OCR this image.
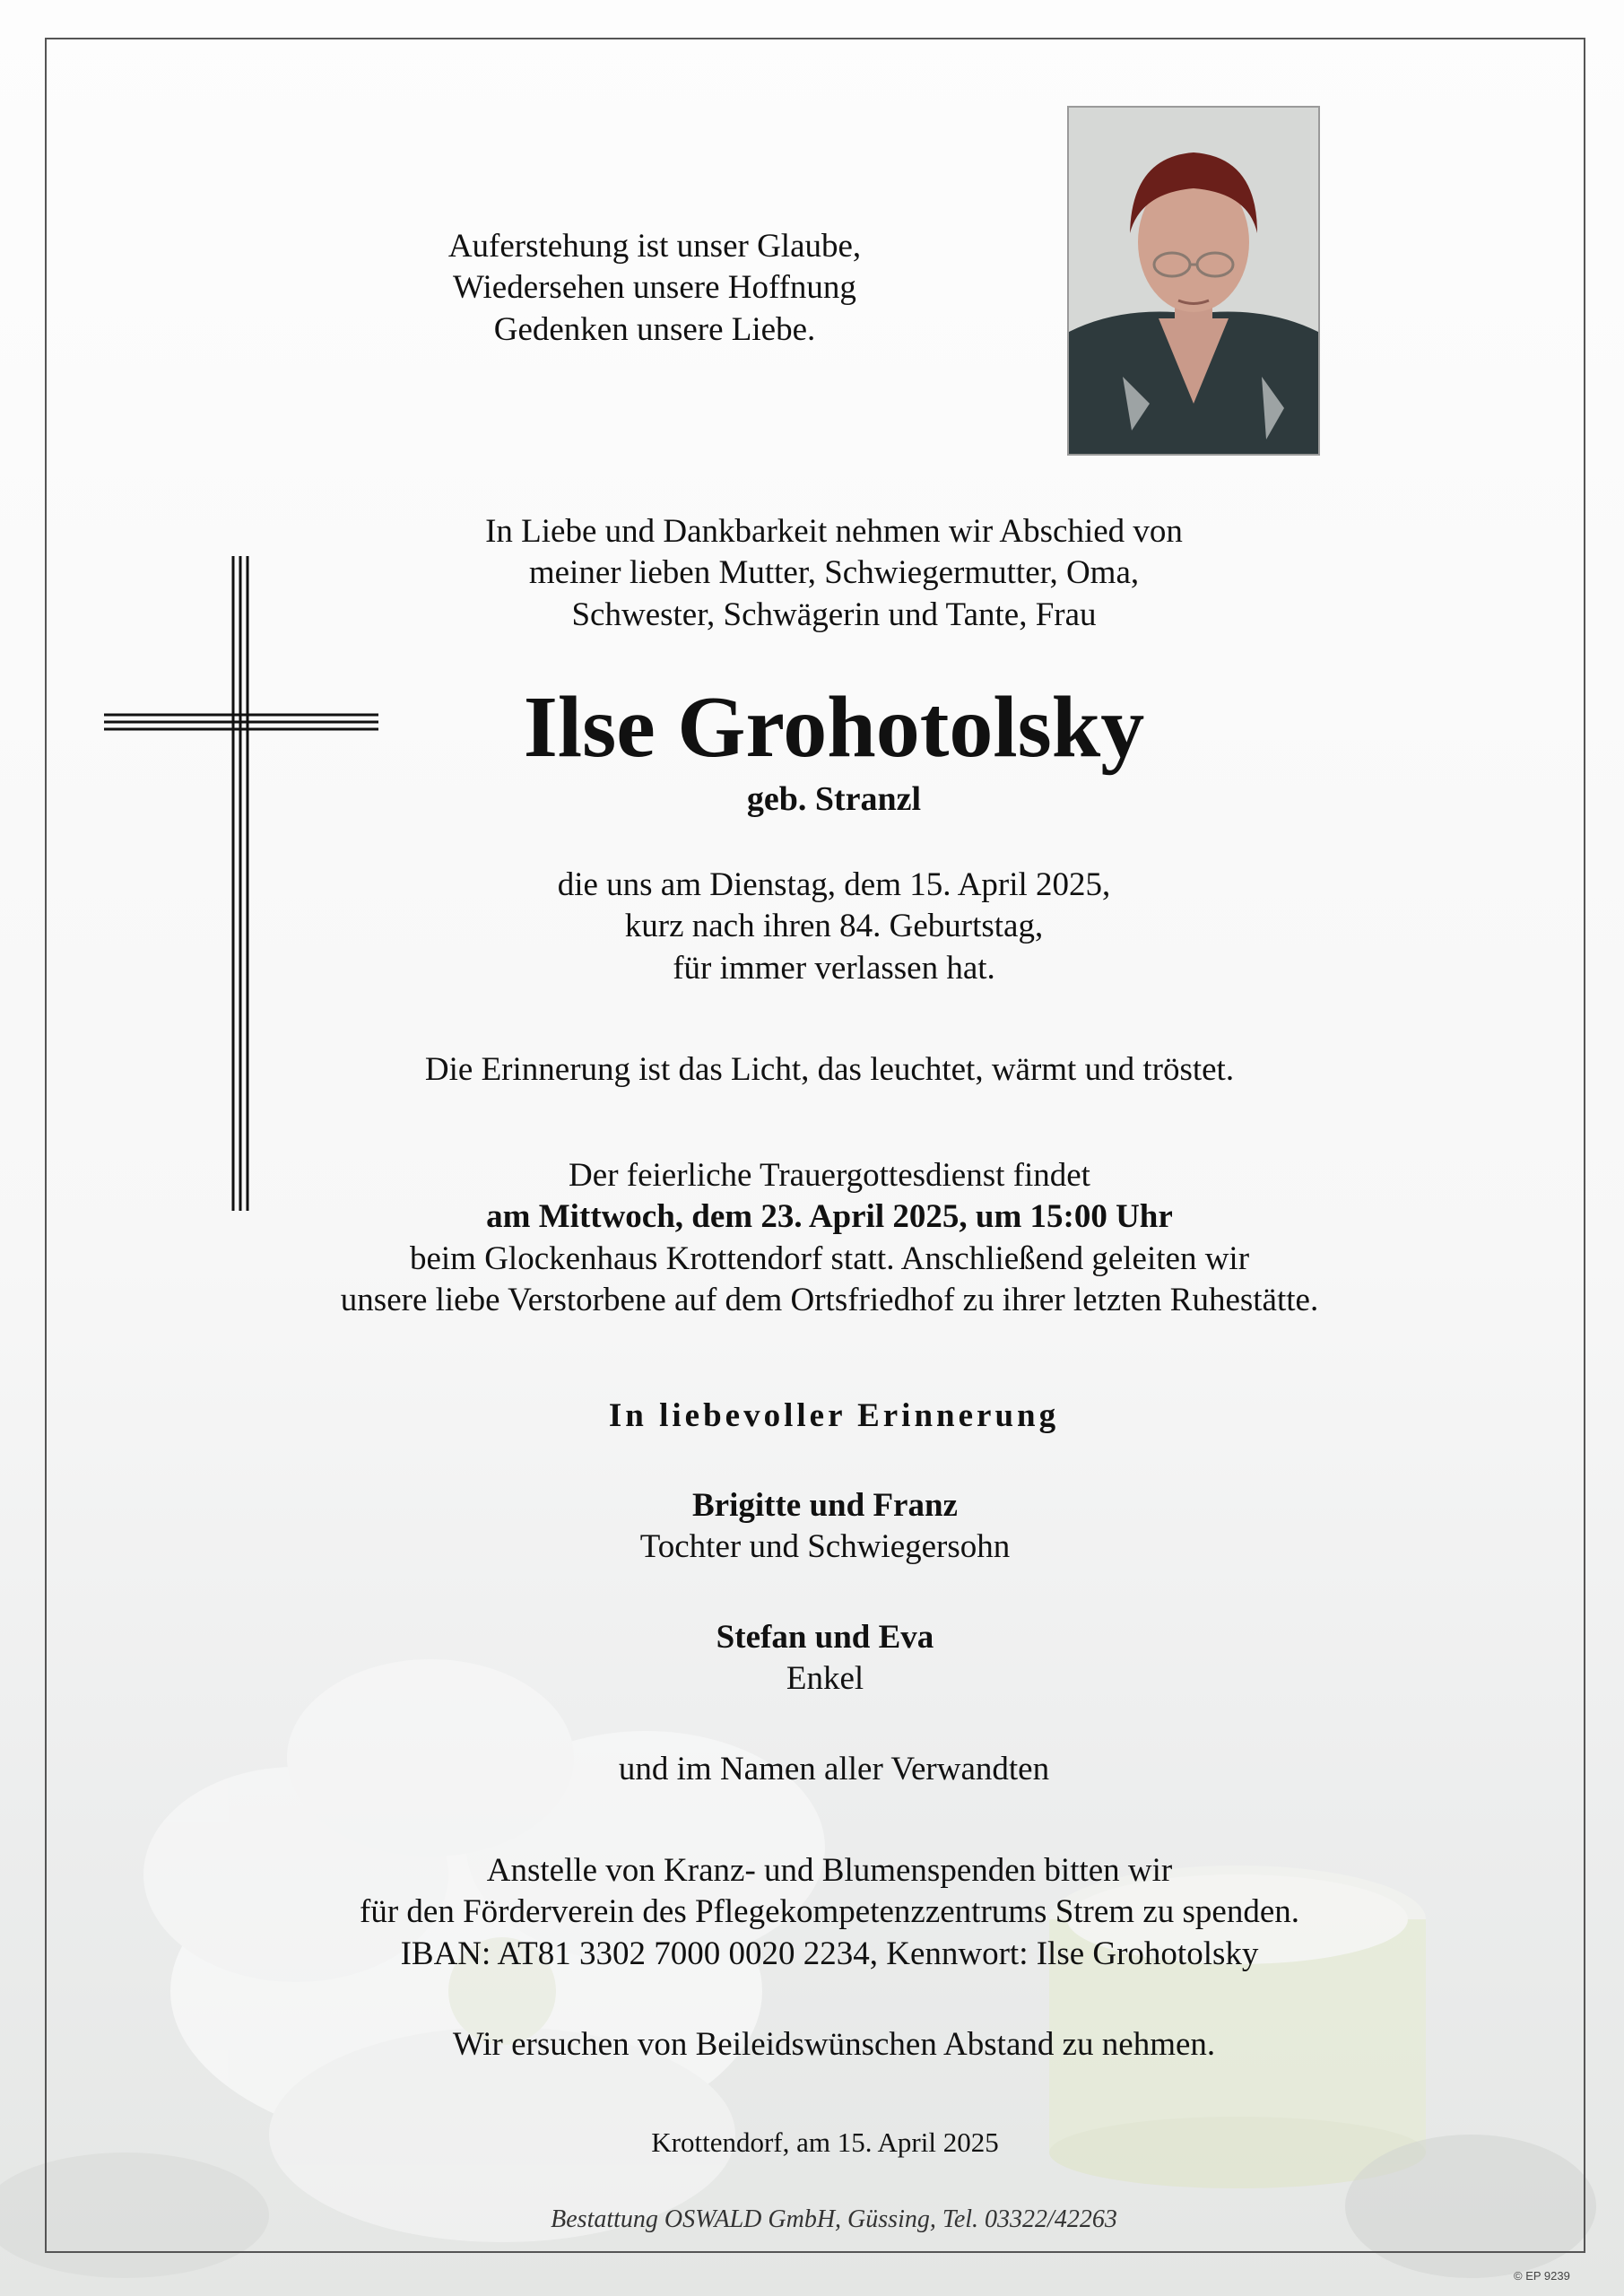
Auferstehung ist unser Glaube,
Wiedersehen unsere Hoffnung
Gedenken unsere Liebe.
In Liebe und Dankbarkeit nehmen wir Abschied von
meiner lieben Mutter, Schwiegermutter, Oma,
Schwester, Schwägerin und Tante, Frau
Ilse Grohotolsky
geb. Stranzl
die uns am Dienstag, dem 15. April 2025,
kurz nach ihren 84. Geburtstag,
für immer verlassen hat.
Die Erinnerung ist das Licht, das leuchtet, wärmt und tröstet.
Der feierliche Trauergottesdienst findet
am Mittwoch, dem 23. April 2025, um 15:00 Uhr
beim Glockenhaus Krottendorf statt. Anschließend geleiten wir
unsere liebe Verstorbene auf dem Ortsfriedhof zu ihrer letzten Ruhestätte.
In liebevoller Erinnerung
Brigitte und Franz
Tochter und Schwiegersohn
Stefan und Eva
Enkel
und im Namen aller Verwandten
Anstelle von Kranz- und Blumenspenden bitten wir
für den Förderverein des Pflegekompetenzzentrums Strem zu spenden.
IBAN: AT81 3302 7000 0020 2234, Kennwort: Ilse Grohotolsky
Wir ersuchen von Beileidswünschen Abstand zu nehmen.
Krottendorf, am 15. April 2025
Bestattung OSWALD GmbH, Güssing, Tel. 03322/42263
© EP 9239
